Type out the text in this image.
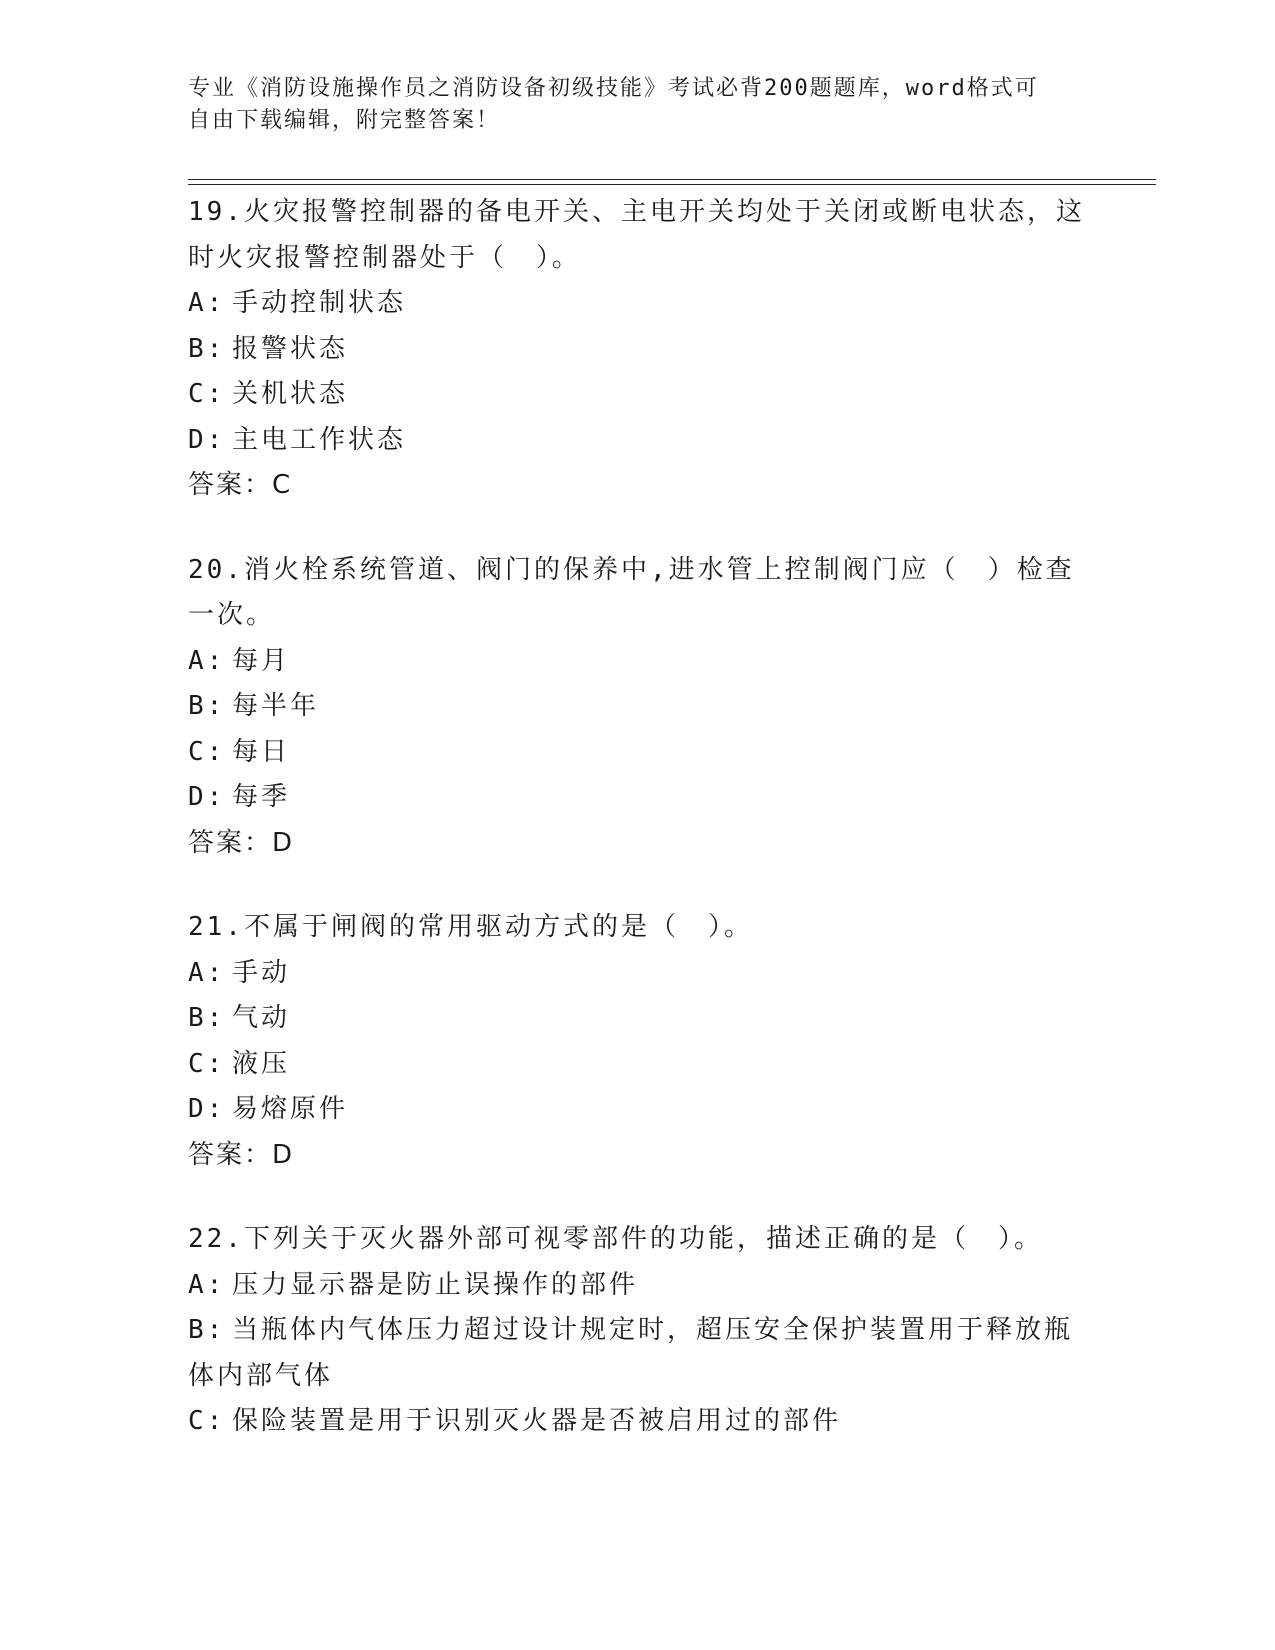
专业《消防设施操作员之消防设备初级技能》考试必背200题题库，word格式可
自由下载编辑，附完整答案！
19.火灾报警控制器的备电开关、主电开关均处于关闭或断电状态，这
时火灾报警控制器处于（　）。
A: 手动控制状态
B: 报警状态
C: 关机状态
D: 主电工作状态
答案：C
20.消火栓系统管道、阀门的保养中,进水管上控制阀门应（　）检查
一次。
A: 每月
B: 每半年
C: 每日
D: 每季
答案：D
21.不属于闸阀的常用驱动方式的是（　）。
A: 手动
B: 气动
C: 液压
D: 易熔原件
答案：D
22.下列关于灭火器外部可视零部件的功能，描述正确的是（　）。
A: 压力显示器是防止误操作的部件
B: 当瓶体内气体压力超过设计规定时，超压安全保护装置用于释放瓶
体内部气体
C: 保险装置是用于识别灭火器是否被启用过的部件
